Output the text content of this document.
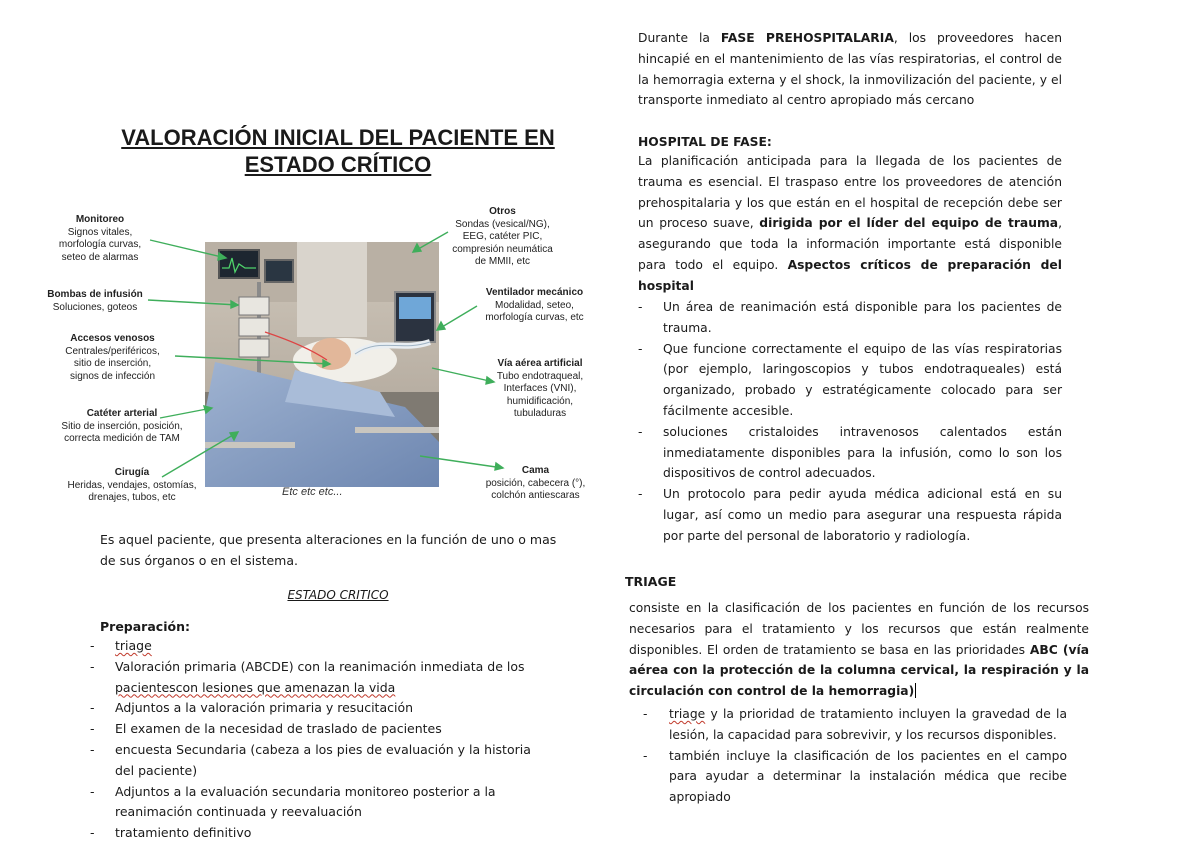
VALORACIÓN INICIAL DEL PACIENTE EN
ESTADO CRÍTICO
Monitoreo
Signos vitales,
morfología curvas,
seteo de alarmas
Bombas de infusión
Soluciones, goteos
Accesos venosos
Centrales/periféricos,
sitio de inserción,
signos de infección
Catéter arterial
Sitio de inserción, posición,
correcta medición de TAM
Cirugía
Heridas, vendajes, ostomías,
drenajes, tubos, etc
Otros
Sondas (vesical/NG),
EEG, catéter PIC,
compresión neumática
de MMII, etc
Ventilador mecánico
Modalidad, seteo,
morfología curvas, etc
Vía aérea artificial
Tubo endotraqueal,
Interfaces (VNI),
humidificación,
tubuladuras
Cama
posición, cabecera (°),
colchón antiescaras
Etc etc etc...
Es aquel paciente, que presenta alteraciones en la función de uno o mas
de sus órganos o en el sistema.
ESTADO CRITICO
Preparación:
- triage
- Valoración primaria (ABCDE) con la reanimación inmediata de los
pacientescon lesiones que amenazan la vida
- Adjuntos a la valoración primaria y resucitación
- El examen de la necesidad de traslado de pacientes
- encuesta Secundaria (cabeza a los pies de evaluación y la historia
del paciente)
- Adjuntos a la evaluación secundaria monitoreo posterior a la
reanimación continuada y reevaluación
- tratamiento definitivo
Durante la FASE PREHOSPITALARIA, los proveedores hacen hincapié en el mantenimiento de las vías respiratorias, el control de la hemorragia externa y el shock, la inmovilización del paciente, y el transporte inmediato al centro apropiado más cercano
HOSPITAL DE FASE:
La planificación anticipada para la llegada de los pacientes de trauma es esencial. El traspaso entre los proveedores de atención prehospitalaria y los que están en el hospital de recepción debe ser un proceso suave, dirigida por el líder del equipo de trauma, asegurando que toda la información importante está disponible para todo el equipo. Aspectos críticos de preparación del hospital
- Un área de reanimación está disponible para los pacientes de trauma.
- Que funcione correctamente el equipo de las vías respiratorias (por ejemplo, laringoscopios y tubos endotraqueales) está organizado, probado y estratégicamente colocado para ser fácilmente accesible.
- soluciones cristaloides intravenosos calentados están inmediatamente disponibles para la infusión, como lo son los dispositivos de control adecuados.
- Un protocolo para pedir ayuda médica adicional está en su lugar, así como un medio para asegurar una respuesta rápida por parte del personal de laboratorio y radiología.
TRIAGE
consiste en la clasificación de los pacientes en función de los recursos necesarios para el tratamiento y los recursos que están realmente disponibles. El orden de tratamiento se basa en las prioridades ABC (vía aérea con la protección de la columna cervical, la respiración y la circulación con control de la hemorragia)
- triage y la prioridad de tratamiento incluyen la gravedad de la lesión, la capacidad para sobrevivir, y los recursos disponibles.
- también incluye la clasificación de los pacientes en el campo para ayudar a determinar la instalación médica que recibe apropiado
